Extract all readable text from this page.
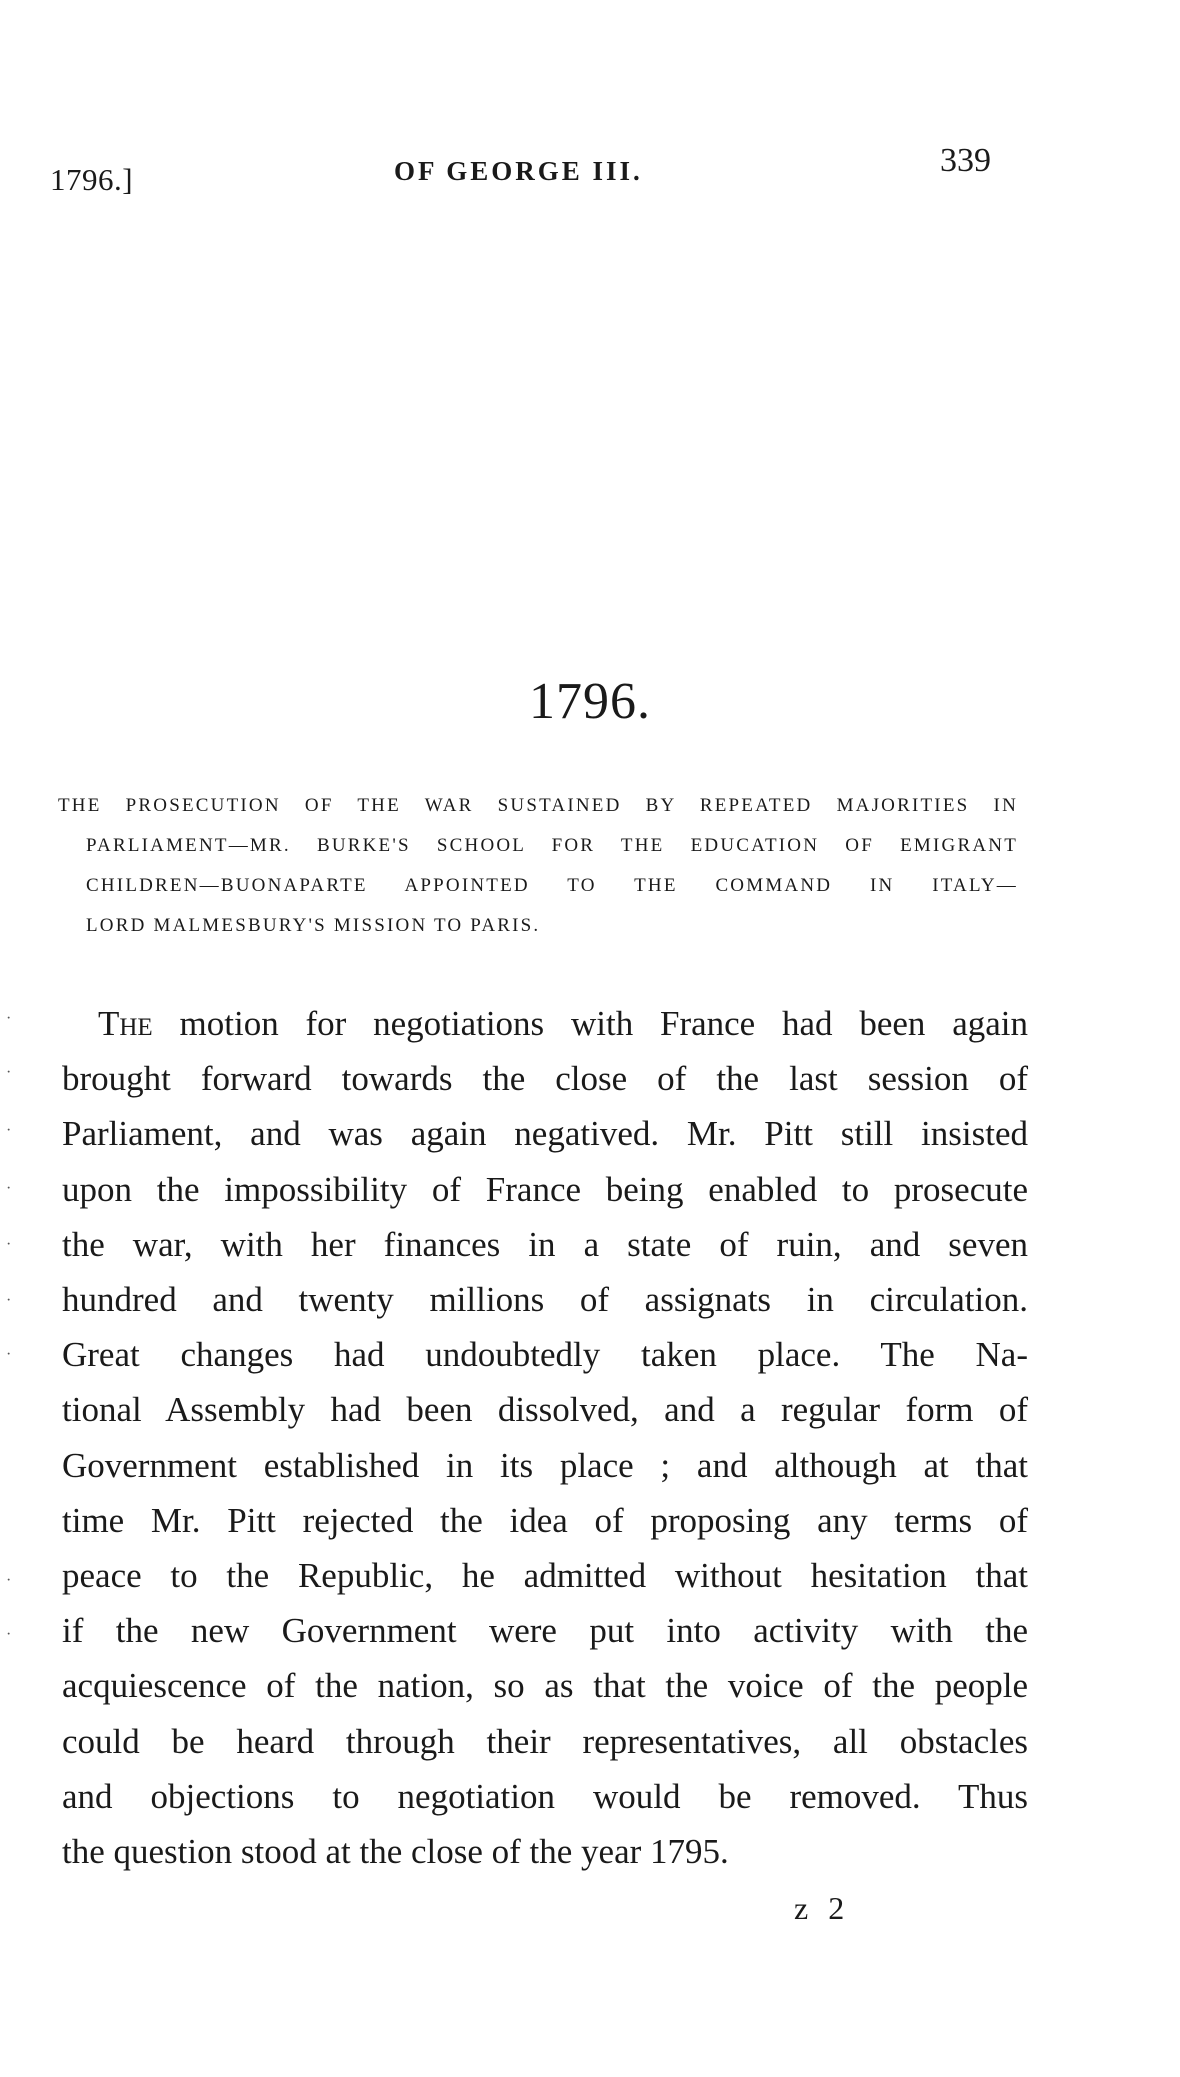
1796.]	OF GEORGE III.	339
1796.
THE PROSECUTION OF THE WAR SUSTAINED BY REPEATED MAJORITIES IN
PARLIAMENT—MR. BURKE'S SCHOOL FOR THE EDUCATION OF EMIGRANT
CHILDREN—BUONAPARTE APPOINTED TO THE COMMAND IN ITALY—
LORD MALMESBURY'S MISSION TO PARIS.
The motion for negotiations with France had been again
brought forward towards the close of the last session of
Parliament, and was again negatived. Mr. Pitt still insisted
upon the impossibility of France being enabled to prosecute
the war, with her finances in a state of ruin, and seven
hundred and twenty millions of assignats in circulation.
Great changes had undoubtedly taken place. The Na-
tional Assembly had been dissolved, and a regular form of
Government established in its place ; and although at that
time Mr. Pitt rejected the idea of proposing any terms of
peace to the Republic, he admitted without hesitation that
if the new Government were put into activity with the
acquiescence of the nation, so as that the voice of the people
could be heard through their representatives, all obstacles
and objections to negotiation would be removed. Thus
the question stood at the close of the year 1795.
z 2
·
·
·
·
·
·
·
·
·
